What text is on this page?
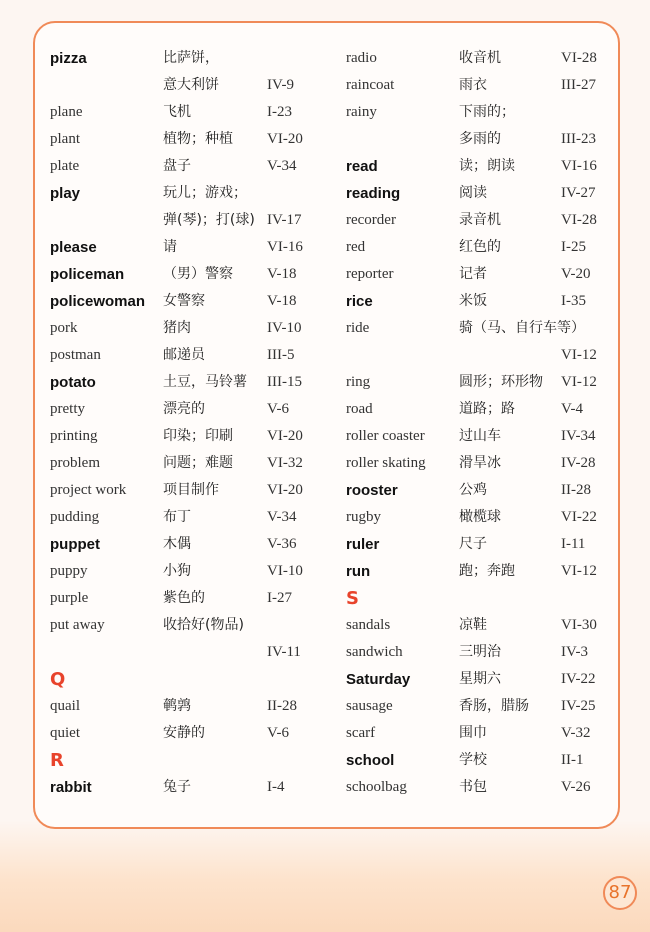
pizza	比萨饼，
意大利饼	IV-9
plane	飞机	I-23
plant	植物；种植 VI-20
plate	盘子	V-34
play	玩儿；游戏；
弹(琴)；打(球) IV-17
please	请	VI-16
policeman	（男）警察 V-18
policewoman 女警察	V-18
pork	猪肉	IV-10
postman	邮递员	III-5
potato	土豆，马铃薯 III-15
pretty	漂亮的	V-6
printing	印染；印刷 VI-20
problem	问题；难题 VI-32
project work	项目制作	VI-20
pudding	布丁	V-34
puppet	木偶	V-36
puppy	小狗	VI-10
purple	紫色的	I-27
put away	收拾好(物品)
IV-11
Q
quail	鹌鹑	II-28
quiet	安静的	V-6
R
rabbit	兔子	I-4
radio	收音机	VI-28
raincoat	雨衣	III-27
rainy	下雨的；
多雨的	III-23
read	读；朗读	VI-16
reading	阅读	IV-27
recorder	录音机	VI-28
red	红色的	I-25
reporter	记者	V-20
rice	米饭	I-35
ride	骑（马、自行车等）
VI-12
ring	圆形；环形物 VI-12
road	道路；路	V-4
roller coaster 过山车	IV-34
roller skating 滑旱冰	IV-28
rooster	公鸡	II-28
rugby	橄榄球	VI-22
ruler	尺子	I-11
run	跑；奔跑	VI-12
S
sandals	凉鞋	VI-30
sandwich	三明治	IV-3
Saturday	星期六	IV-22
sausage	香肠，腊肠 IV-25
scarf	围巾	V-32
school	学校	II-1
schoolbag	书包	V-26
87
